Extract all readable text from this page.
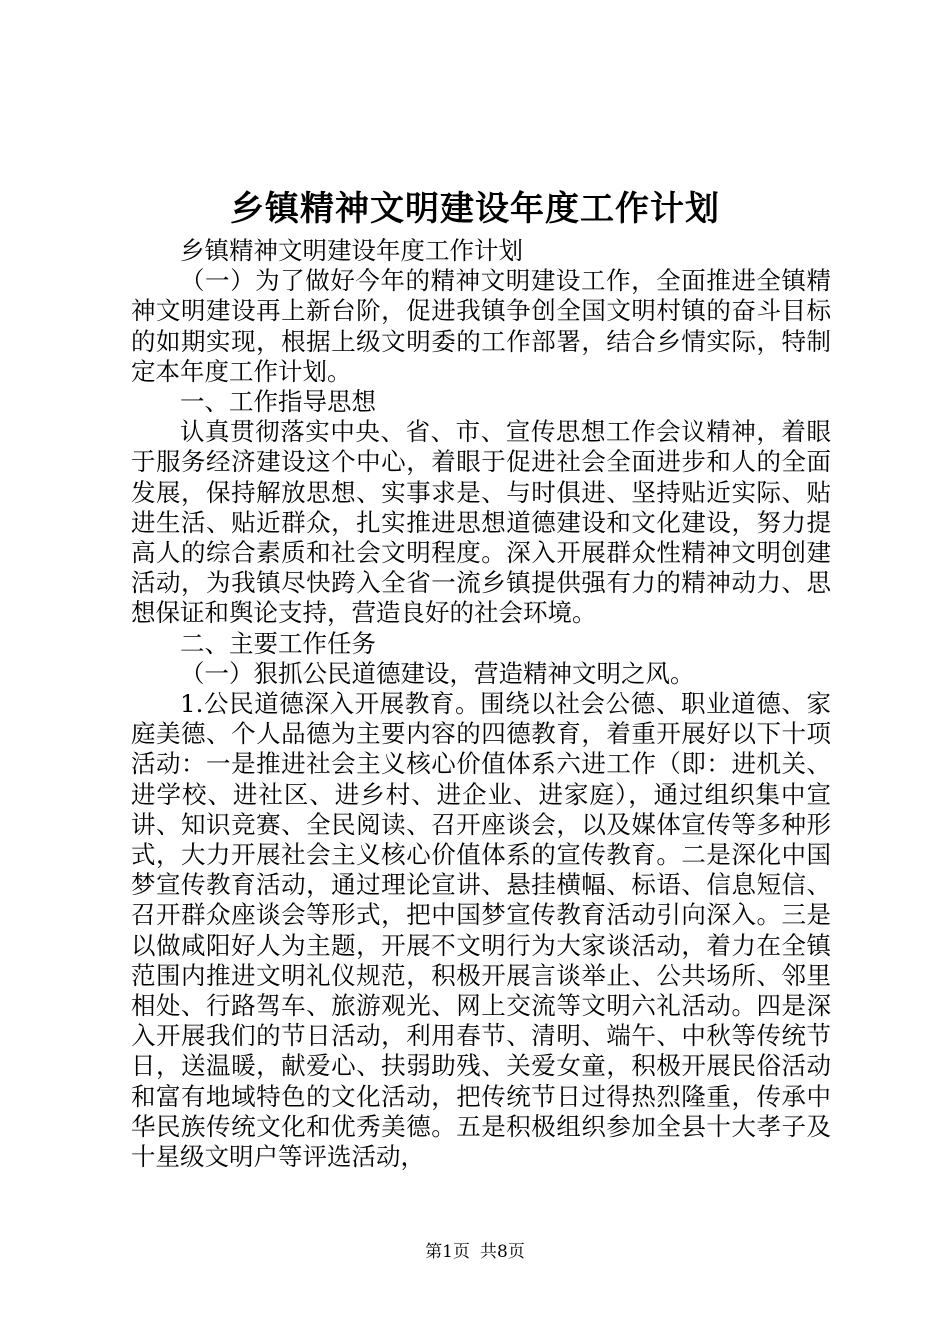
乡镇精神文明建设年度工作计划

乡镇精神文明建设年度工作计划

（一）为了做好今年的精神文明建设工作，全面推进全镇精神文明建设再上新台阶，促进我镇争创全国文明村镇的奋斗目标的如期实现，根据上级文明委的工作部署，结合乡情实际，特制定本年度工作计划。

一、工作指导思想

认真贯彻落实中央、省、市、宣传思想工作会议精神，着眼于服务经济建设这个中心，着眼于促进社会全面进步和人的全面发展，保持解放思想、实事求是、与时俱进、坚持贴近实际、贴进生活、贴近群众，扎实推进思想道德建设和文化建设，努力提高人的综合素质和社会文明程度。深入开展群众性精神文明创建活动，为我镇尽快跨入全省一流乡镇提供强有力的精神动力、思想保证和舆论支持，营造良好的社会环境。

二、主要工作任务

（一）狠抓公民道德建设，营造精神文明之风。

1.公民道德深入开展教育。围绕以社会公德、职业道德、家庭美德、个人品德为主要内容的四德教育，着重开展好以下十项活动：一是推进社会主义核心价值体系六进工作（即：进机关、进学校、进社区、进乡村、进企业、进家庭），通过组织集中宣讲、知识竞赛、全民阅读、召开座谈会，以及媒体宣传等多种形式，大力开展社会主义核心价值体系的宣传教育。二是深化中国梦宣传教育活动，通过理论宣讲、悬挂横幅、标语、信息短信、召开群众座谈会等形式，把中国梦宣传教育活动引向深入。三是以做咸阳好人为主题，开展不文明行为大家谈活动，着力在全镇范围内推进文明礼仪规范，积极开展言谈举止、公共场所、邻里相处、行路驾车、旅游观光、网上交流等文明六礼活动。四是深入开展我们的节日活动，利用春节、清明、端午、中秋等传统节日，送温暖，献爱心、扶弱助残、关爱女童，积极开展民俗活动和富有地域特色的文化活动，把传统节日过得热烈隆重，传承中华民族传统文化和优秀美德。五是积极组织参加全县十大孝子及十星级文明户等评选活动，

第1页 共8页
